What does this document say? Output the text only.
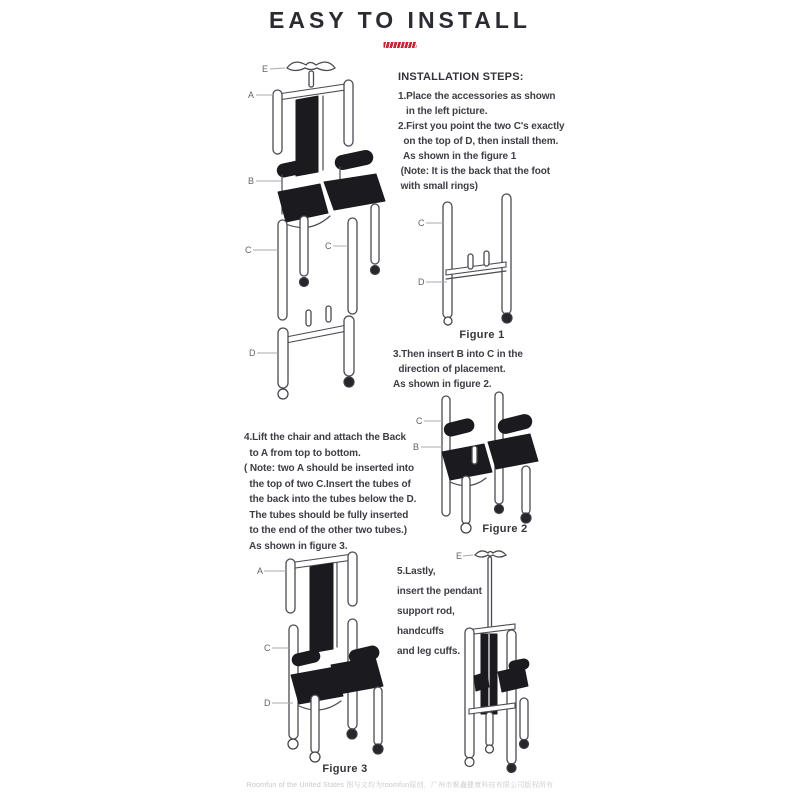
EASY TO INSTALL
E
A
B
C	C
D
INSTALLATION STEPS:
1.Place the accessories as shown
in the left picture.
2.First you point the two C's exactly
on the top of D, then install them.
As shown in the figure 1
(Note: It is the back that the foot
with small rings)
C
D
Figure 1
3.Then insert B into C in the
direction of placement.
As shown in figure 2.
C
B
Figure 2
4.Lift the chair and attach the Back
to A from top to bottom.
( Note: two A should be inserted into
the top of two C.Insert the tubes of
the back into the tubes below the D.
The tubes should be fully inserted
to the end of the other two tubes.)
As shown in figure 3.
A
C
D
Figure 3
5.Lastly,
insert the pendant
support rod,
handcuffs
and leg cuffs.
E
Roomfun of the United States 图与文均为roomfun原创，广州市聚鑫健康科技有限公司版权所有
